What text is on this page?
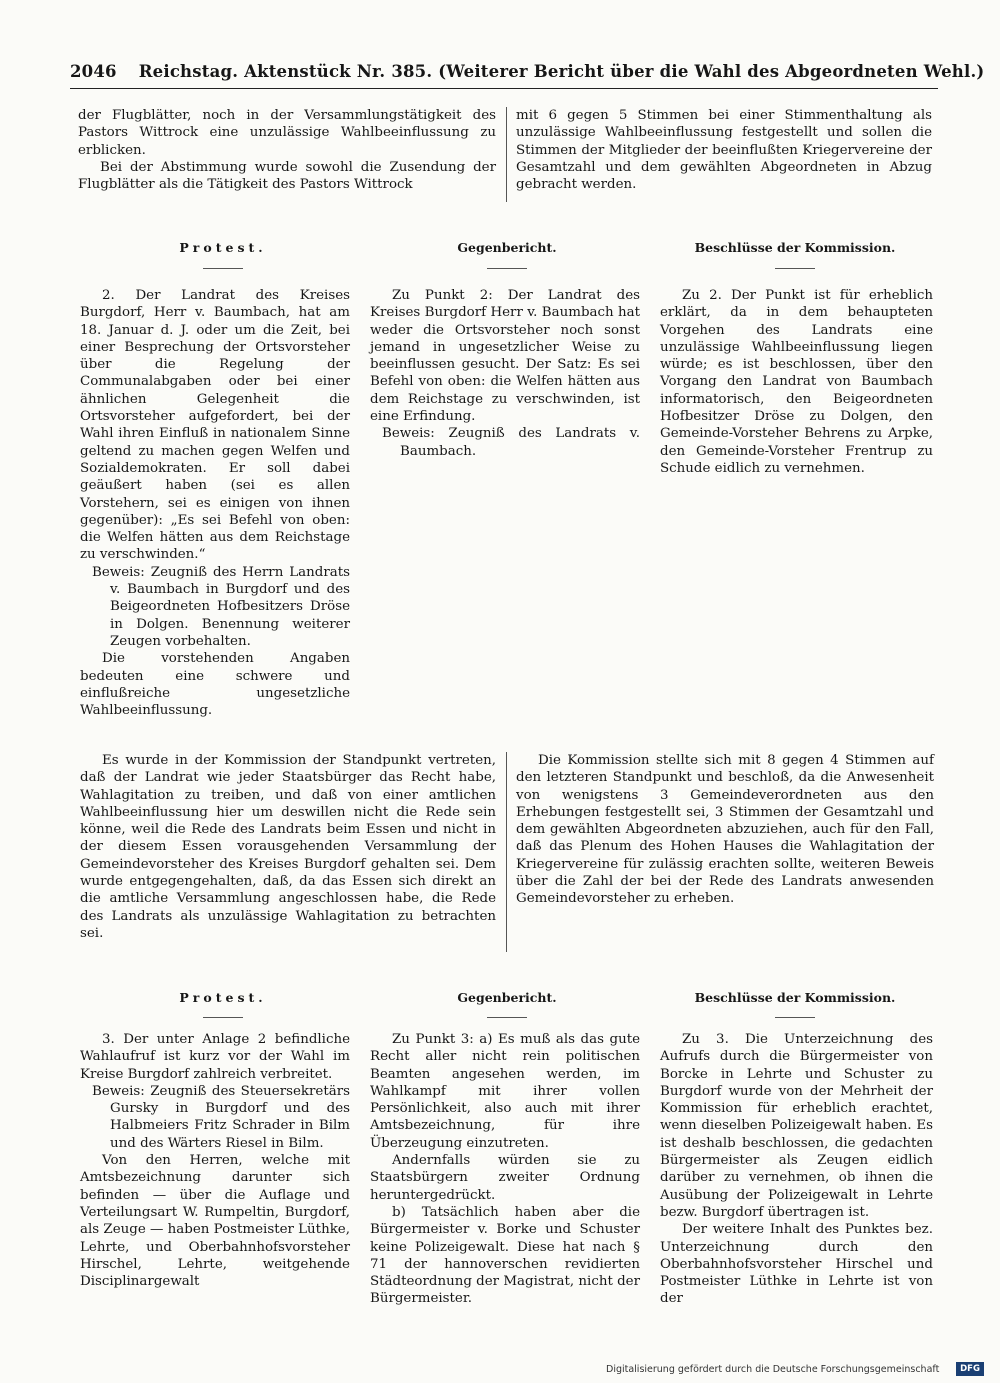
2046 Reichstag. Aktenstück Nr. 385. (Weiterer Bericht über die Wahl des Abgeordneten Wehl.)

der Flugblätter, noch in der Versammlungstätigkeit des Pastors Wittrock eine unzulässige Wahlbeeinflussung zu erblicken.

Bei der Abstimmung wurde sowohl die Zusendung der Flugblätter als die Tätigkeit des Pastors Wittrock

mit 6 gegen 5 Stimmen bei einer Stimmenthaltung als unzulässige Wahlbeeinflussung festgestellt und sollen die Stimmen der Mitglieder der beeinflußten Kriegervereine der Gesamtzahl und dem gewählten Abgeordneten in Abzug gebracht werden.

Protest.	Gegenbericht.	Beschlüsse der Kommission.

2. Der Landrat des Kreises Burgdorf, Herr v. Baumbach, hat am 18. Januar d. J. oder um die Zeit, bei einer Besprechung der Ortsvorsteher über die Regelung der Communalabgaben oder bei einer ähnlichen Gelegenheit die Ortsvorsteher aufgefordert, bei der Wahl ihren Einfluß in nationalem Sinne geltend zu machen gegen Welfen und Sozialdemokraten. Er soll dabei geäußert haben (sei es allen Vorstehern, sei es einigen von ihnen gegenüber): „Es sei Befehl von oben: die Welfen hätten aus dem Reichstage zu verschwinden.“

Beweis: Zeugniß des Herrn Landrats v. Baumbach in Burgdorf und des Beigeordneten Hofbesitzers Dröse in Dolgen. Benennung weiterer Zeugen vorbehalten.

Die vorstehenden Angaben bedeuten eine schwere und einflußreiche ungesetzliche Wahlbeeinflussung.

Zu Punkt 2: Der Landrat des Kreises Burgdorf Herr v. Baumbach hat weder die Ortsvorsteher noch sonst jemand in ungesetzlicher Weise zu beeinflussen gesucht. Der Satz: Es sei Befehl von oben: die Welfen hätten aus dem Reichstage zu verschwinden, ist eine Erfindung.

Beweis: Zeugniß des Landrats v. Baumbach.

Zu 2. Der Punkt ist für erheblich erklärt, da in dem behaupteten Vorgehen des Landrats eine unzulässige Wahlbeeinflussung liegen würde; es ist beschlossen, über den Vorgang den Landrat von Baumbach informatorisch, den Beigeordneten Hofbesitzer Dröse zu Dolgen, den Gemeinde-Vorsteher Behrens zu Arpke, den Gemeinde-Vorsteher Frentrup zu Schude eidlich zu vernehmen.

Es wurde in der Kommission der Standpunkt vertreten, daß der Landrat wie jeder Staatsbürger das Recht habe, Wahlagitation zu treiben, und daß von einer amtlichen Wahlbeeinflussung hier um deswillen nicht die Rede sein könne, weil die Rede des Landrats beim Essen und nicht in der diesem Essen vorausgehenden Versammlung der Gemeindevorsteher des Kreises Burgdorf gehalten sei. Dem wurde entgegengehalten, daß, da das Essen sich direkt an die amtliche Versammlung angeschlossen habe, die Rede des Landrats als unzulässige Wahlagitation zu betrachten sei.

Die Kommission stellte sich mit 8 gegen 4 Stimmen auf den letzteren Standpunkt und beschloß, da die Anwesenheit von wenigstens 3 Gemeindeverordneten aus den Erhebungen festgestellt sei, 3 Stimmen der Gesamtzahl und dem gewählten Abgeordneten abzuziehen, auch für den Fall, daß das Plenum des Hohen Hauses die Wahlagitation der Kriegervereine für zulässig erachten sollte, weiteren Beweis über die Zahl der bei der Rede des Landrats anwesenden Gemeindevorsteher zu erheben.

Protest.	Gegenbericht.	Beschlüsse der Kommission.

3. Der unter Anlage 2 befindliche Wahlaufruf ist kurz vor der Wahl im Kreise Burgdorf zahlreich verbreitet.

Beweis: Zeugniß des Steuersekretärs Gursky in Burgdorf und des Halbmeiers Fritz Schrader in Bilm und des Wärters Riesel in Bilm.

Von den Herren, welche mit Amtsbezeichnung darunter sich befinden — über die Auflage und Verteilungsart W. Rumpeltin, Burgdorf, als Zeuge — haben Postmeister Lüthke, Lehrte, und Oberbahnhofsvorsteher Hirschel, Lehrte, weitgehende Disciplinargewalt

Zu Punkt 3: a) Es muß als das gute Recht aller nicht rein politischen Beamten angesehen werden, im Wahlkampf mit ihrer vollen Persönlichkeit, also auch mit ihrer Amtsbezeichnung, für ihre Überzeugung einzutreten.

Andernfalls würden sie zu Staatsbürgern zweiter Ordnung heruntergedrückt.

b) Tatsächlich haben aber die Bürgermeister v. Borke und Schuster keine Polizeigewalt. Diese hat nach § 71 der hannoverschen revidierten Städteordnung der Magistrat, nicht der Bürgermeister.

Zu 3. Die Unterzeichnung des Aufrufs durch die Bürgermeister von Borcke in Lehrte und Schuster zu Burgdorf wurde von der Mehrheit der Kommission für erheblich erachtet, wenn dieselben Polizeigewalt haben. Es ist deshalb beschlossen, die gedachten Bürgermeister als Zeugen eidlich darüber zu vernehmen, ob ihnen die Ausübung der Polizeigewalt in Lehrte bezw. Burgdorf übertragen ist.

Der weitere Inhalt des Punktes bez. Unterzeichnung durch den Oberbahnhofsvorsteher Hirschel und Postmeister Lüthke in Lehrte ist von der

Digitalisierung gefördert durch die Deutsche Forschungsgemeinschaft	DFG
